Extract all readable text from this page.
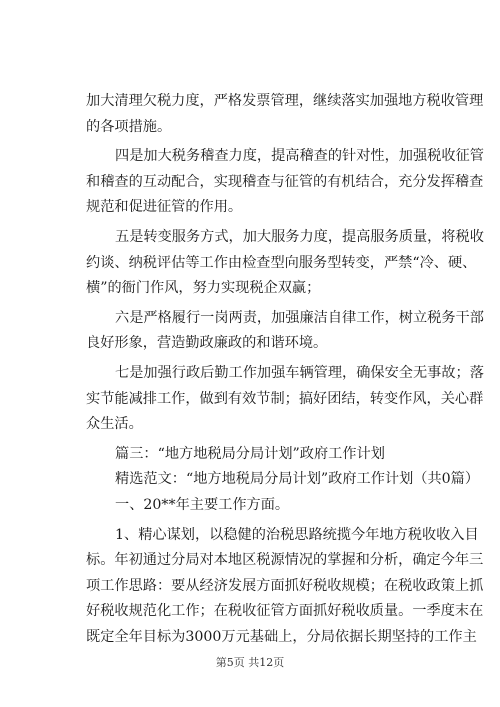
加大清理欠税力度，严格发票管理，继续落实加强地方税收管理
的各项措施。
四是加大税务稽查力度，提高稽查的针对性，加强税收征管
和稽查的互动配合，实现稽查与征管的有机结合，充分发挥稽查
规范和促进征管的作用。
五是转变服务方式，加大服务力度，提高服务质量，将税收
约谈、纳税评估等工作由检查型向服务型转变，严禁“冷、硬、
横”的衙门作风，努力实现税企双赢；
六是严格履行一岗两责，加强廉洁自律工作，树立税务干部
良好形象，营造勤政廉政的和谐环境。
七是加强行政后勤工作加强车辆管理，确保安全无事故；落
实节能减排工作，做到有效节制；搞好团结，转变作风，关心群
众生活。
篇三：“地方地税局分局计划”政府工作计划
精选范文：“地方地税局分局计划”政府工作计划（共0篇）
一、20**年主要工作方面。
1、精心谋划，以稳健的治税思路统揽今年地方税收收入目
标。年初通过分局对本地区税源情况的掌握和分析，确定今年三
项工作思路：要从经济发展方面抓好税收规模；在税收政策上抓
好税收规范化工作；在税收征管方面抓好税收质量。一季度末在
既定全年目标为3000万元基础上，分局依据长期坚持的工作主
第5页 共12页
